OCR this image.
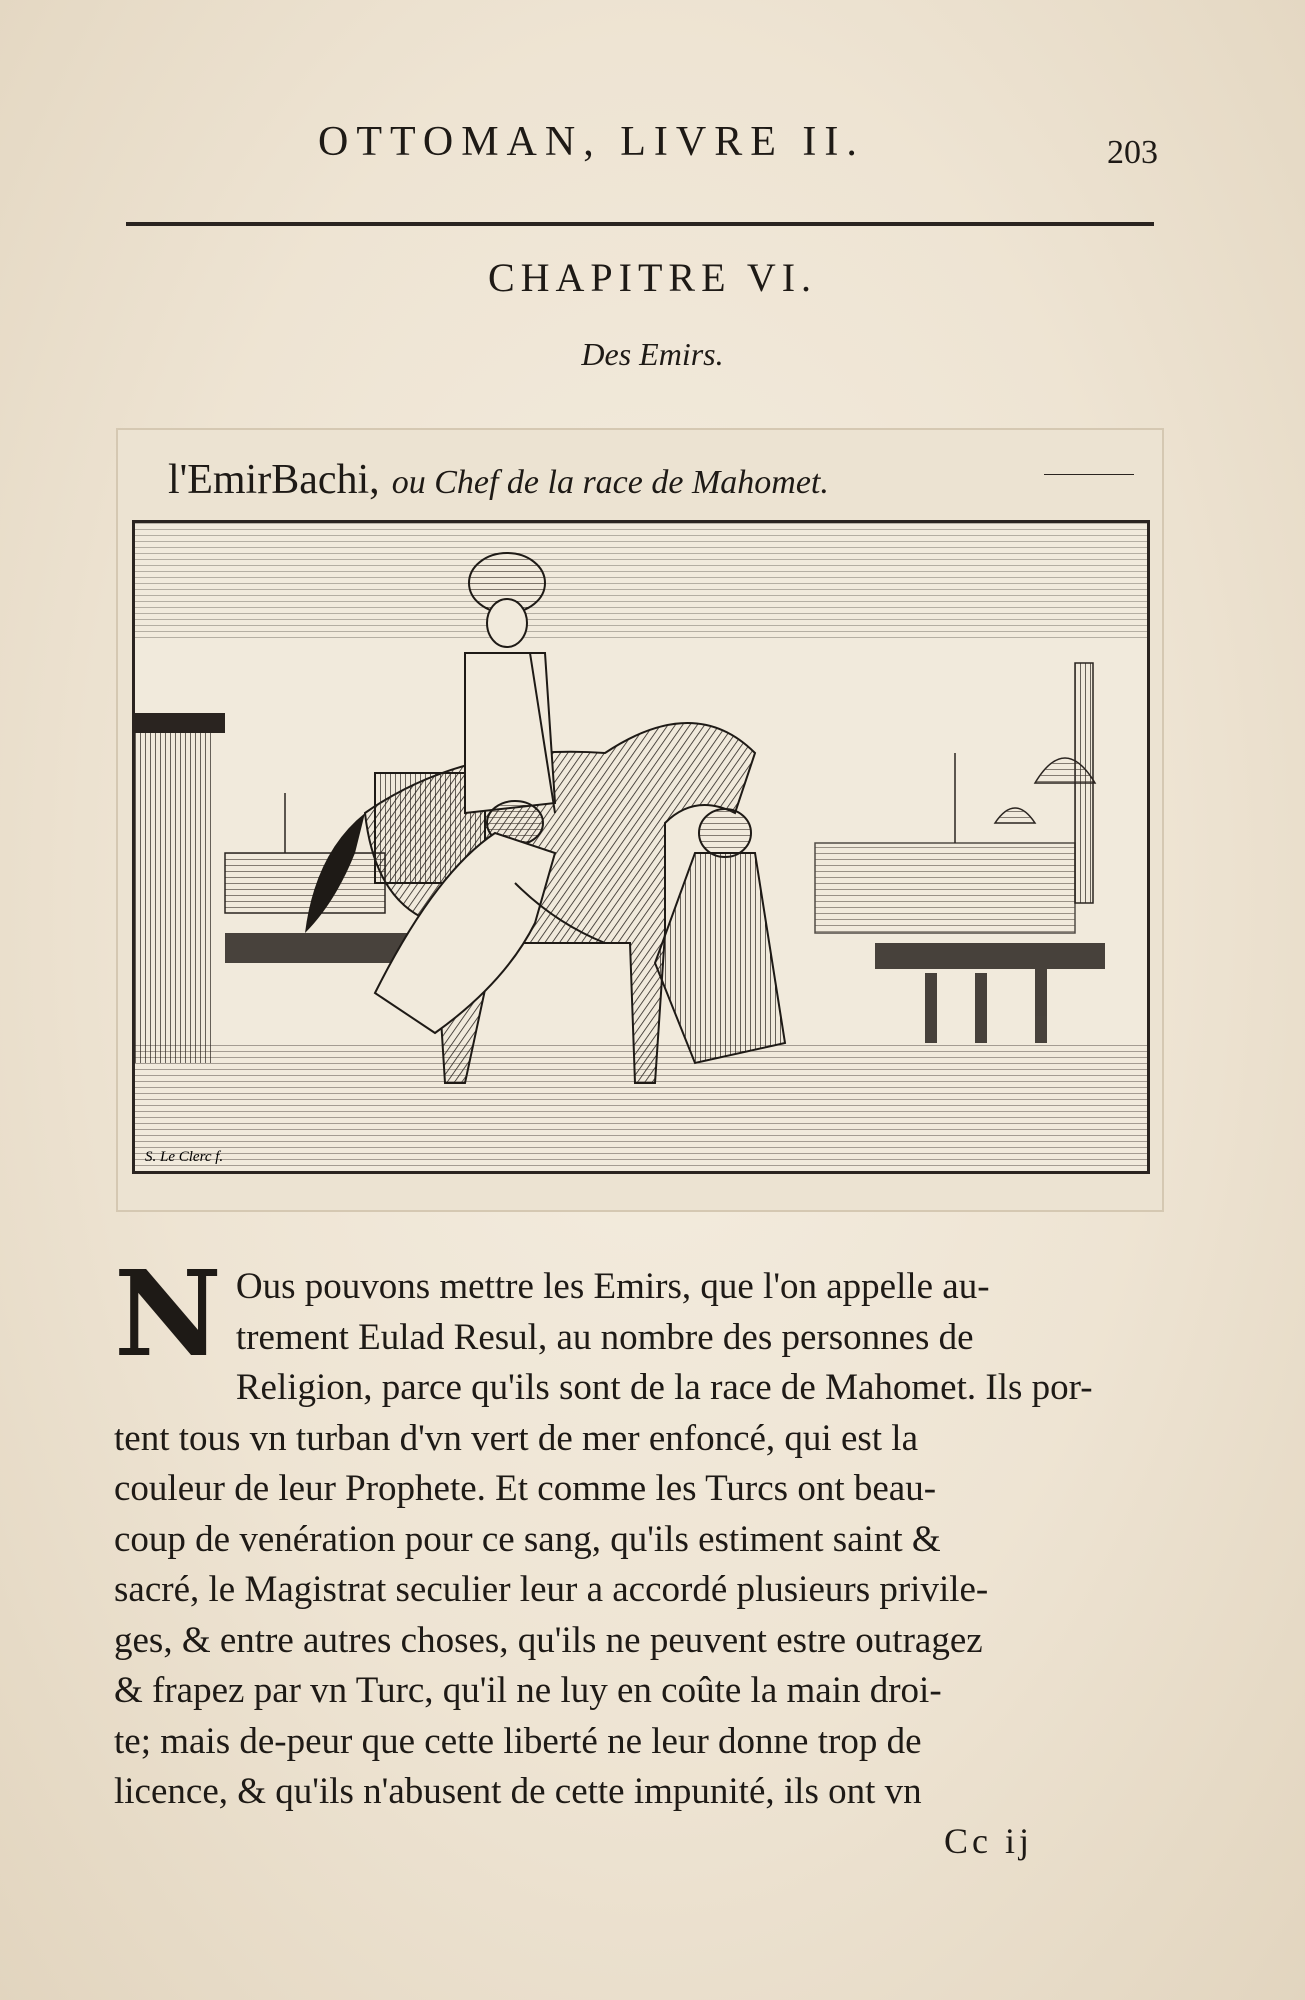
OTTOMAN, LIVRE II.	203
CHAPITRE VI.
Des Emirs.
l'EmirBachi, ou Chef de la race de Mahomet.
S. Le Clerc f.
N Ous pouvons mettre les Emirs, que l'on appelle au-

trement Eulad Resul, au nombre des personnes de

Religion, parce qu'ils sont de la race de Mahomet. Ils por-

tent tous vn turban d'vn vert de mer enfoncé, qui est la

couleur de leur Prophete. Et comme les Turcs ont beau-

coup de venération pour ce sang, qu'ils estiment saint &

sacré, le Magistrat seculier leur a accordé plusieurs privile-

ges, & entre autres choses, qu'ils ne peuvent estre outragez

& frapez par vn Turc, qu'il ne luy en coûte la main droi-

te; mais de-peur que cette liberté ne leur donne trop de

licence, & qu'ils n'abusent de cette impunité, ils ont vn

Cc ij
